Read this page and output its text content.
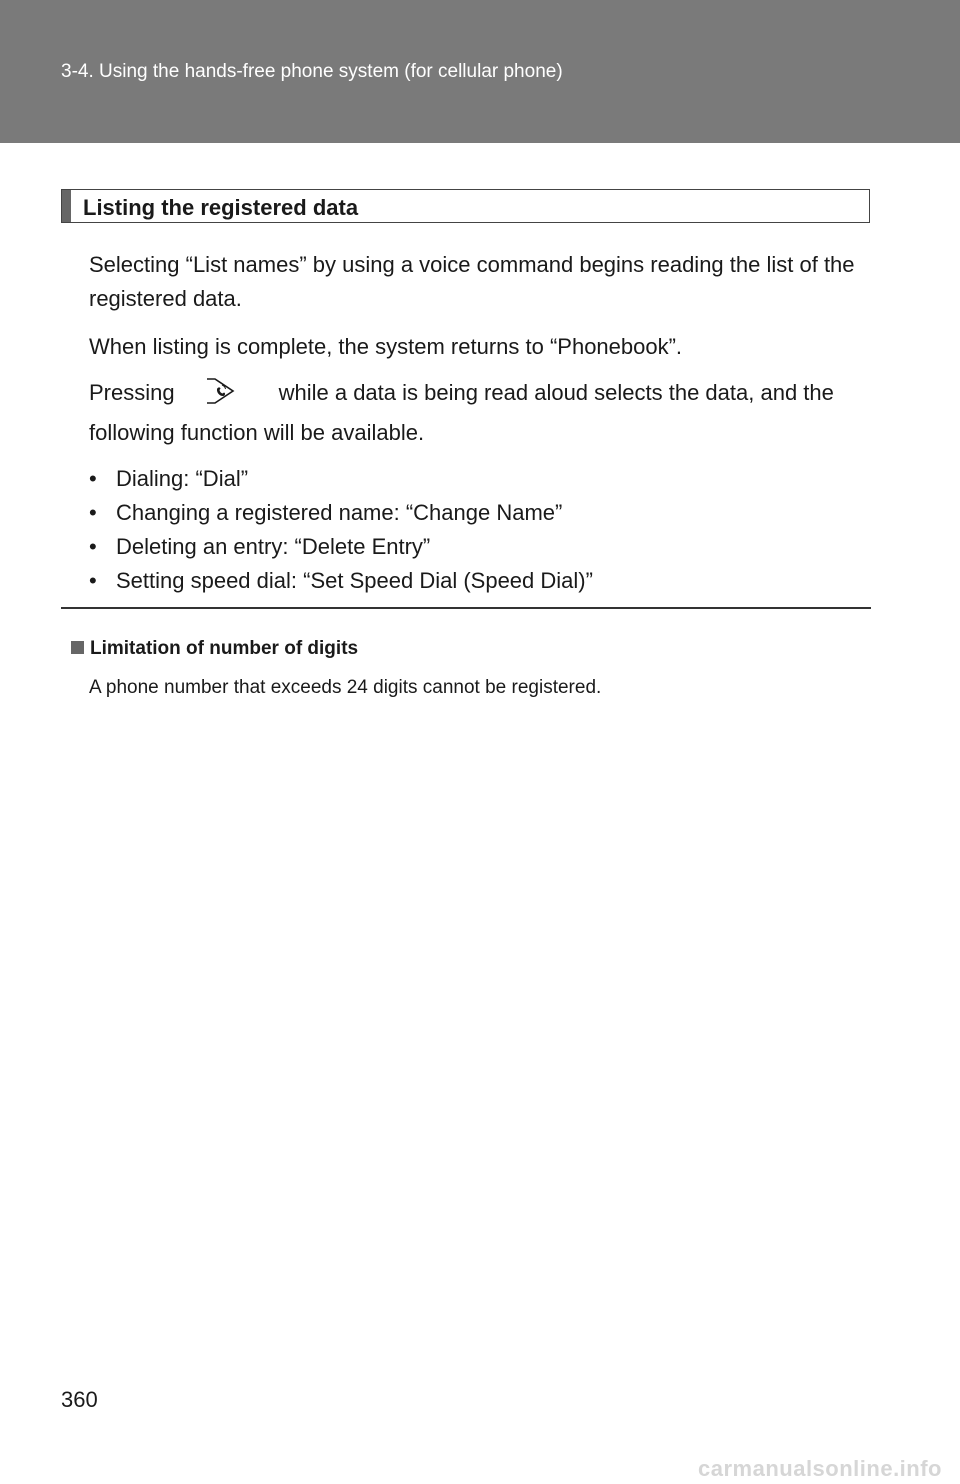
3-4. Using the hands-free phone system (for cellular phone)
Listing the registered data
Selecting “List names” by using a voice command begins reading the list of the registered data.
When listing is complete, the system returns to “Phonebook”.
Pressing	while a data is being read aloud selects the data, and the following function will be available.
• Dialing: “Dial”
• Changing a registered name: “Change Name”
• Deleting an entry: “Delete Entry”
• Setting speed dial: “Set Speed Dial (Speed Dial)”
Limitation of number of digits
A phone number that exceeds 24 digits cannot be registered.
360
carmanualsonline.info
